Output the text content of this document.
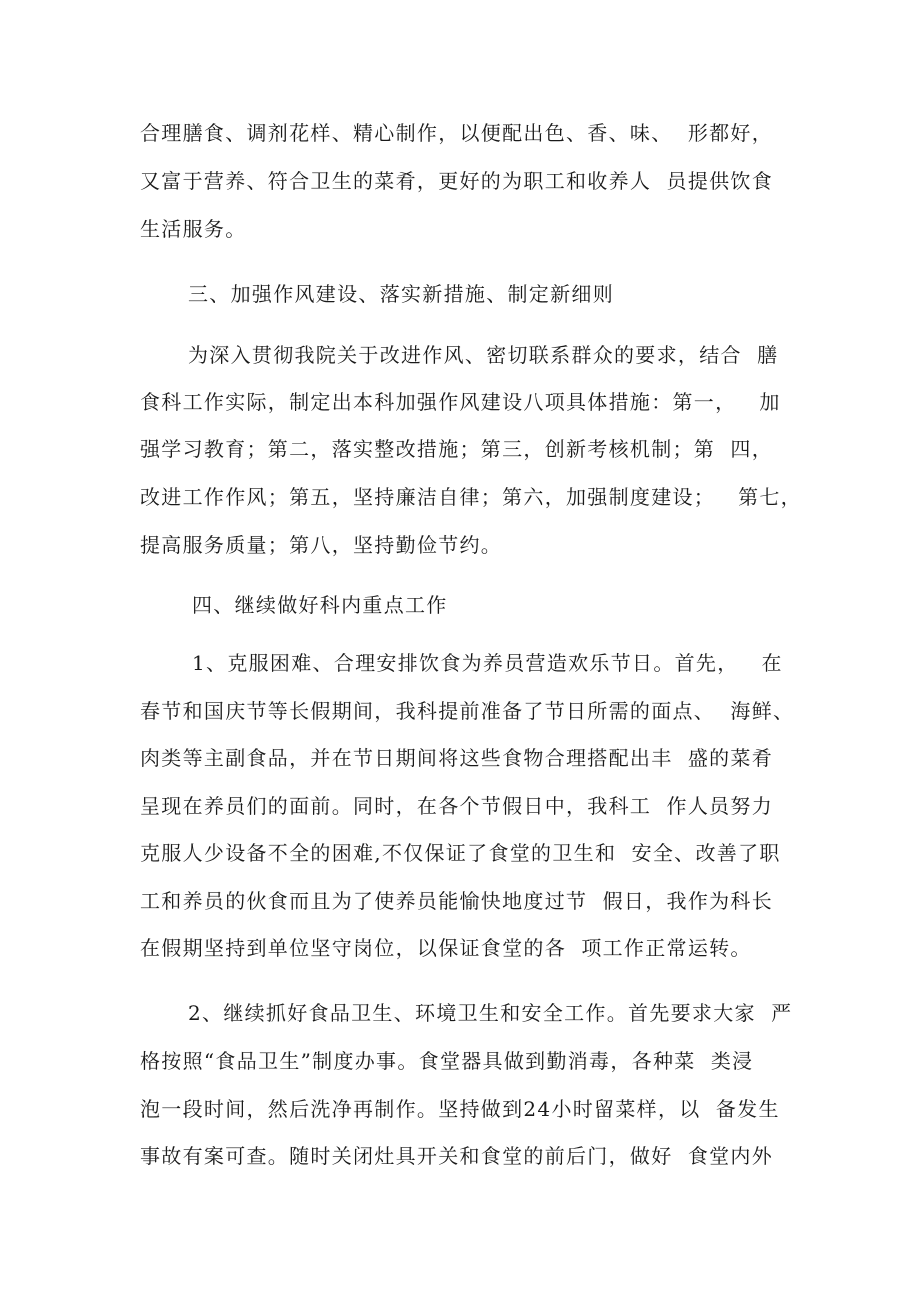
合理膳食、调剂花样、精心制作，以便配出色、香、味、  形都好，
又富于营养、符合卫生的菜肴，更好的为职工和收养人  员提供饮食
生活服务。
三、加强作风建设、落实新措施、制定新细则
为深入贯彻我院关于改进作风、密切联系群众的要求，结合  膳
食科工作实际，制定出本科加强作风建设八项具体措施：第一，   加
强学习教育；第二，落实整改措施；第三，创新考核机制；第  四，
改进工作作风；第五，坚持廉洁自律；第六，加强制度建设；   第七，
提高服务质量；第八，坚持勤俭节约。
四、继续做好科内重点工作
1、克服困难、合理安排饮食为养员营造欢乐节日。首先，   在
春节和国庆节等长假期间，我科提前准备了节日所需的面点、  海鲜、
肉类等主副食品，并在节日期间将这些食物合理搭配出丰  盛的菜肴
呈现在养员们的面前。同时，在各个节假日中，我科工  作人员努力
克服人少设备不全的困难,不仅保证了食堂的卫生和  安全、改善了职
工和养员的伙食而且为了使养员能愉快地度过节  假日，我作为科长
在假期坚持到单位坚守岗位，以保证食堂的各  项工作正常运转。
2、继续抓好食品卫生、环境卫生和安全工作。首先要求大家  严
格按照“食品卫生”制度办事。食堂器具做到勤消毒，各种菜  类浸
泡一段时间，然后洗净再制作。坚持做到24小时留菜样，以  备发生
事故有案可查。随时关闭灶具开关和食堂的前后门，做好  食堂内外
